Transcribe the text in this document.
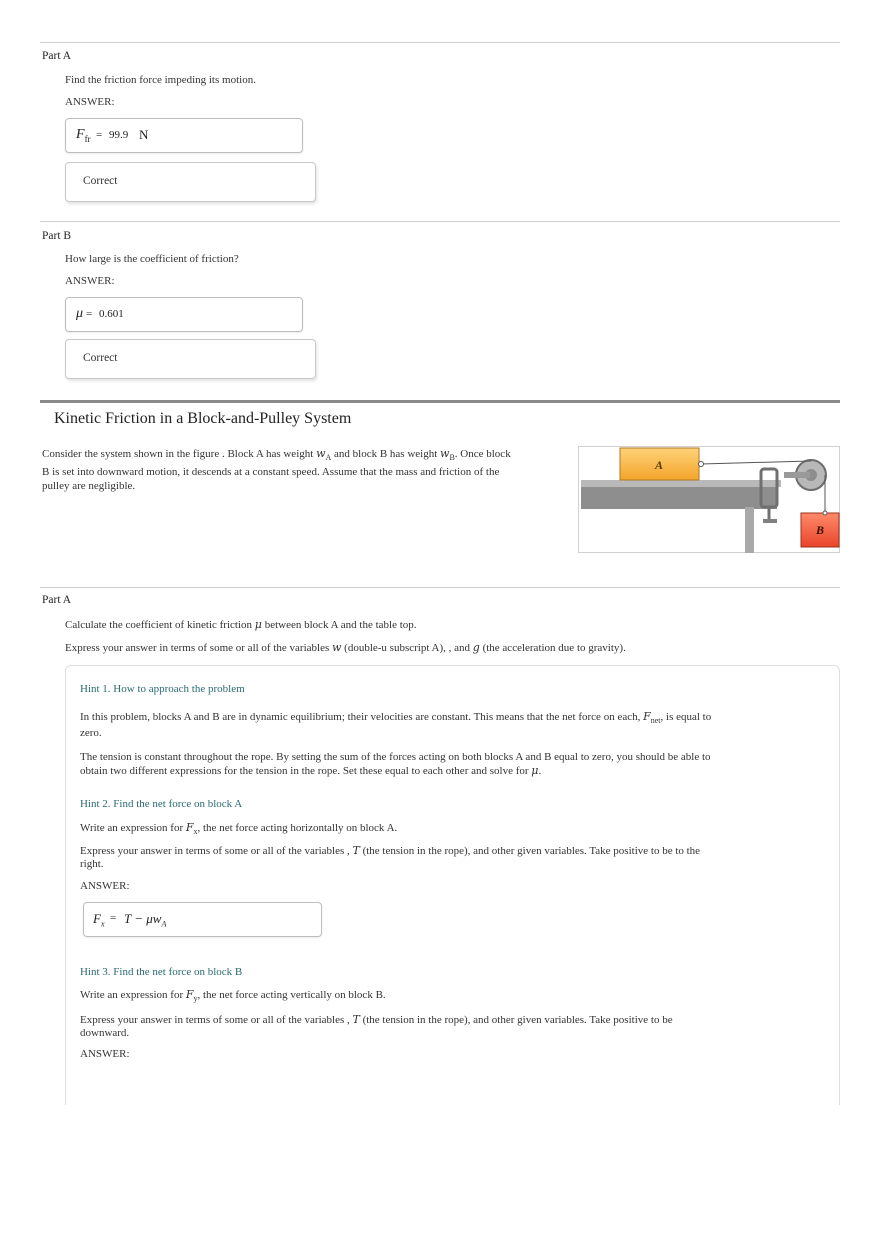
Part A
Find the friction force impeding its motion.
ANSWER:
$F_{fr} = 99.9$ N
Correct
Part B
How large is the coefficient of friction?
ANSWER:
μ = 0.601
Correct
Kinetic Friction in a Block-and-Pulley System
Consider the system shown in the figure . Block A has weight $w_A$ and block B has weight $w_B$. Once block B is set into downward motion, it descends at a constant speed. Assume that the mass and friction of the pulley are negligible.
A
B
Part A
Calculate the coefficient of kinetic friction μ between block A and the table top.
Express your answer in terms of some or all of the variables w (double-u subscript A), , and g (the acceleration due to gravity).
Hint 1. How to approach the problem
In this problem, blocks A and B are in dynamic equilibrium; their velocities are constant. This means that the net force on each, $F_{net}$, is equal to
zero.
The tension is constant throughout the rope. By setting the sum of the forces acting on both blocks A and B equal to zero, you should be able to
obtain two different expressions for the tension in the rope. Set these equal to each other and solve for μ.
Hint 2. Find the net force on block A
Write an expression for $F_x$, the net force acting horizontally on block A.
Express your answer in terms of some or all of the variables , T (the tension in the rope), and other given variables. Take positive to be to the
right.
ANSWER:
$F_x$
= $T - \mu w_A$
Hint 3. Find the net force on block B
Write an expression for $F_y$, the net force acting vertically on block B.
Express your answer in terms of some or all of the variables , T (the tension in the rope), and other given variables. Take positive to be
downward.
ANSWER:
